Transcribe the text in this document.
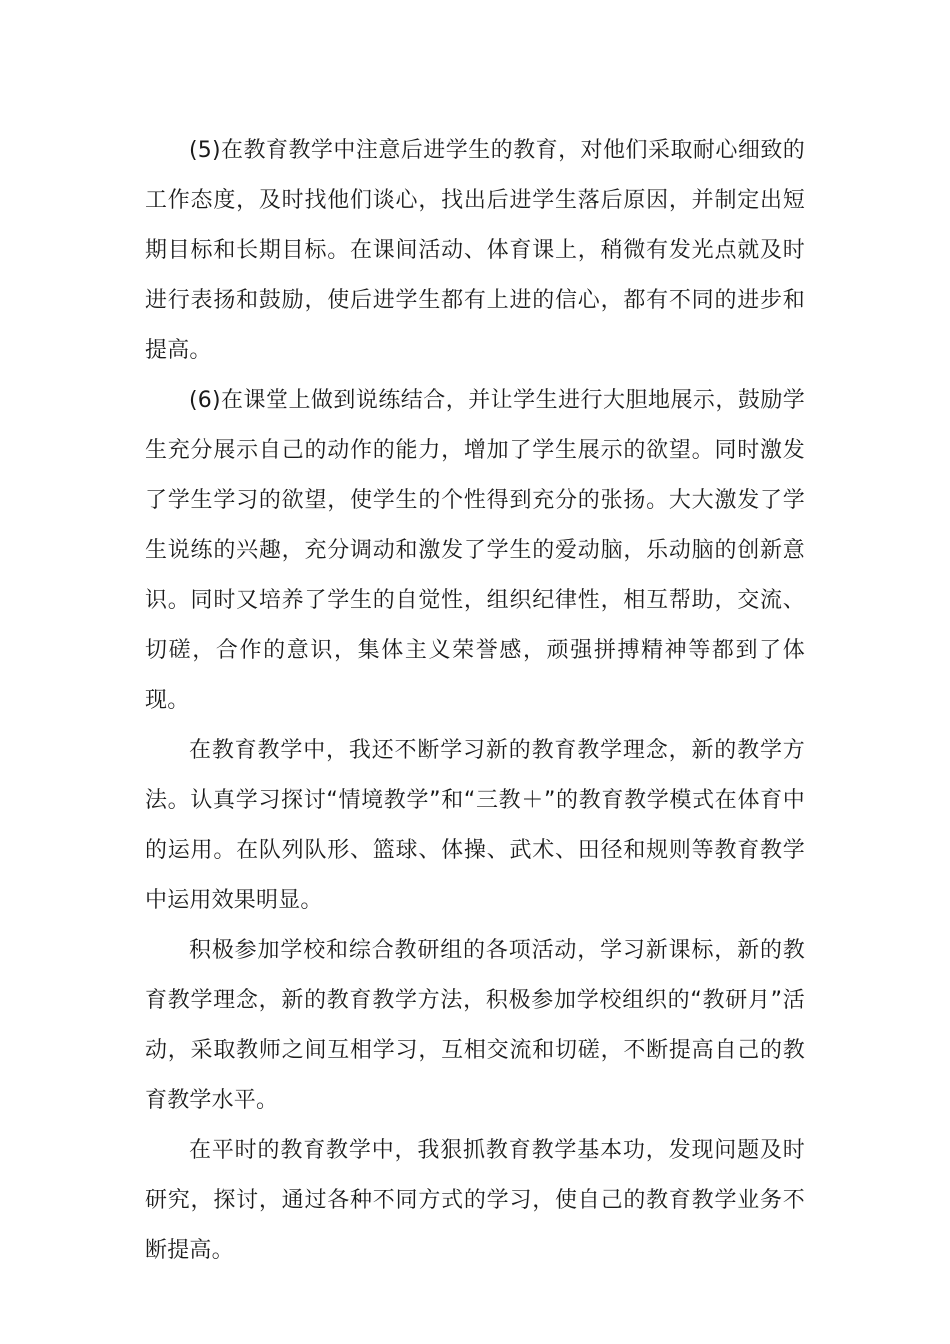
(5)在教育教学中注意后进学生的教育，对他们采取耐心细致的工作态度，及时找他们谈心，找出后进学生落后原因，并制定出短期目标和长期目标。在课间活动、体育课上，稍微有发光点就及时进行表扬和鼓励，使后进学生都有上进的信心，都有不同的进步和提高。

(6)在课堂上做到说练结合，并让学生进行大胆地展示，鼓励学生充分展示自己的动作的能力，增加了学生展示的欲望。同时激发了学生学习的欲望，使学生的个性得到充分的张扬。大大激发了学生说练的兴趣，充分调动和激发了学生的爱动脑，乐动脑的创新意识。同时又培养了学生的自觉性，组织纪律性，相互帮助，交流、切磋，合作的意识，集体主义荣誉感，顽强拼搏精神等都到了体现。

在教育教学中，我还不断学习新的教育教学理念，新的教学方法。认真学习探讨“情境教学”和“三教＋”的教育教学模式在体育中的运用。在队列队形、篮球、体操、武术、田径和规则等教育教学中运用效果明显。

积极参加学校和综合教研组的各项活动，学习新课标，新的教育教学理念，新的教育教学方法，积极参加学校组织的“教研月”活动，采取教师之间互相学习，互相交流和切磋，不断提高自己的教育教学水平。

在平时的教育教学中，我狠抓教育教学基本功，发现问题及时研究，探讨，通过各种不同方式的学习，使自己的教育教学业务不断提高。
